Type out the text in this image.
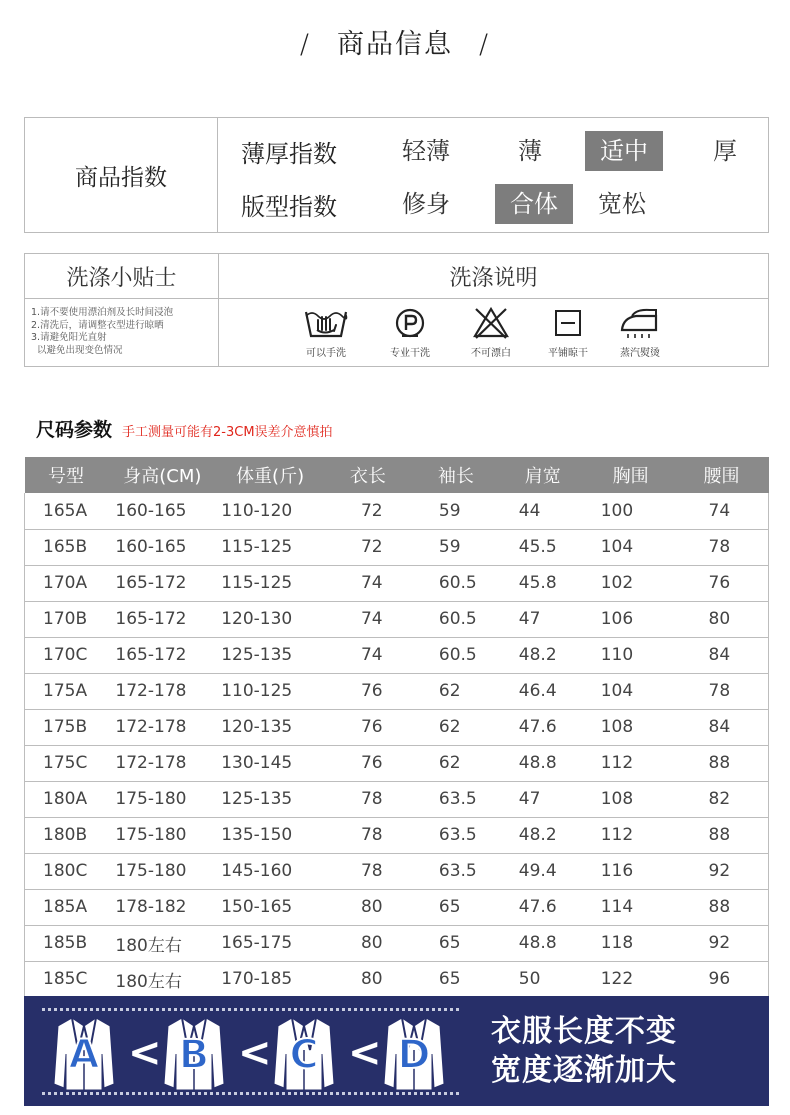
/ 商品信息 /
商品指数
薄厚指数	轻薄	薄	适中	厚
版型指数	修身	合体	宽松
洗涤小贴士	洗涤说明
1.请不要使用漂泊剂及长时间浸泡
2.清洗后，请调整衣型进行晾晒
3.请避免阳光直射
以避免出现变色情况	可以手洗	专业干洗	不可漂白	平铺晾干	蒸汽熨烫
尺码参数 手工测量可能有2-3CM误差介意慎拍
号型	身高(CM)	体重(斤)	衣长	袖长	肩宽	胸围	腰围
165A	160-165	110-120	72	59	44	100	74
165B	160-165	115-125	72	59	45.5	104	78
170A	165-172	115-125	74	60.5	45.8	102	76
170B	165-172	120-130	74	60.5	47	106	80
170C	165-172	125-135	74	60.5	48.2	110	84
175A	172-178	110-125	76	62	46.4	104	78
175B	172-178	120-135	76	62	47.6	108	84
175C	172-178	130-145	76	62	48.8	112	88
180A	175-180	125-135	78	63.5	47	108	82
180B	175-180	135-150	78	63.5	48.2	112	88
180C	175-180	145-160	78	63.5	49.4	116	92
185A	178-182	150-165	80	65	47.6	114	88
185B	180左右	165-175	80	65	48.8	118	92
185C	180左右	170-185	80	65	50	122	96
A < B < C < D
衣服长度不变
宽度逐渐加大
